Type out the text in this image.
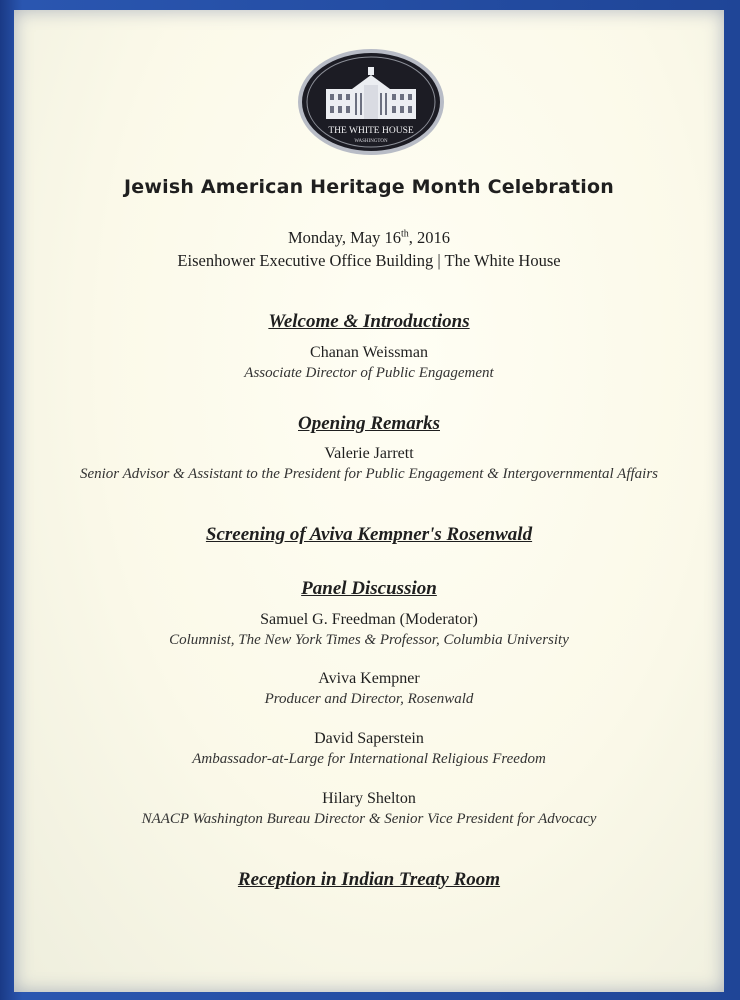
THE WHITE HOUSE
WASHINGTON
Jewish American Heritage Month Celebration
Monday, May 16th, 2016
Eisenhower Executive Office Building | The White House
Welcome & Introductions
Chanan Weissman
Associate Director of Public Engagement
Opening Remarks
Valerie Jarrett
Senior Advisor & Assistant to the President for Public Engagement & Intergovernmental Affairs
Screening of Aviva Kempner's Rosenwald
Panel Discussion
Samuel G. Freedman (Moderator)
Columnist, The New York Times & Professor, Columbia University
Aviva Kempner
Producer and Director, Rosenwald
David Saperstein
Ambassador-at-Large for International Religious Freedom
Hilary Shelton
NAACP Washington Bureau Director & Senior Vice President for Advocacy
Reception in Indian Treaty Room
